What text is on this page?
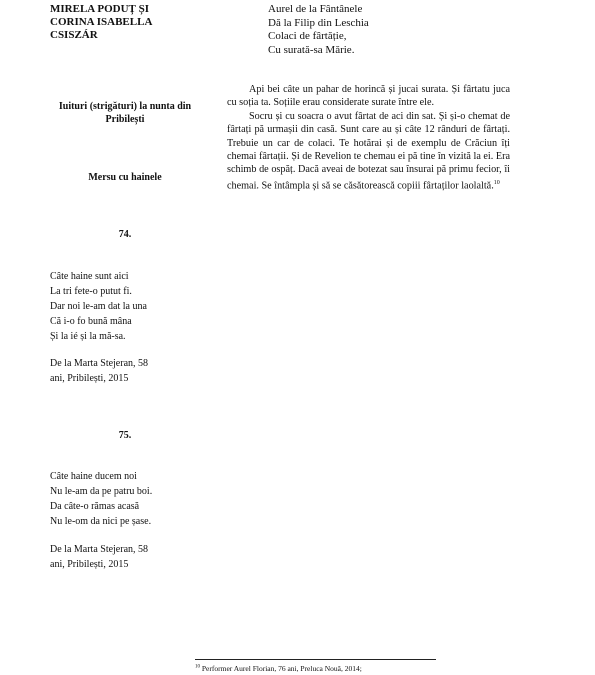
MIRELA PODUȚ ȘI
CORINA ISABELLA
CSISZÁR
Aurel de la Fântânele
Dă la Filip din Leschia
Colaci de fârtăție,
Cu surată-sa Mărie.
Iuituri (strigături) la nunta din Pribilești
Mersu cu hainele

Api bei câte un pahar de horincă și jucai surata. Și fârtatu juca cu soția ta. Soțiile erau considerate surate între ele.

Socru și cu soacra o avut fârtat de aci din sat. Și și-o chemat de fârtați pă urmașii din casă. Sunt care au și câte 12 rânduri de fârtați. Trebuie un car de colaci. Te hotărai și de exemplu de Crăciun îți chemai fârtații. Și de Revelion te chemau ei pă tine în vizită la ei. Era schimb de ospăț. Dacă aveai de botezat sau însurai pă primu fecior, îi chemai. Se întâmpla și să se căsătorească copiii fârtaților laolaltă.$^{10}$

74.
Câte haine sunt aici
La tri fete-o putut fi.
Dar noi le-am dat la una
Că i-o fo bună mâna
Și la ié și la mă-sa.
De la Marta Stejeran, 58
ani, Pribilești, 2015
75.
Câte haine ducem noi
Nu le-am da pe patru boi.
Da câte-o rămas acasă
Nu le-om da nici pe șase.
De la Marta Stejeran, 58
ani, Pribilești, 2015
$^{10}$ Performer Aurel Florian, 76 ani, Preluca Nouă, 2014;
